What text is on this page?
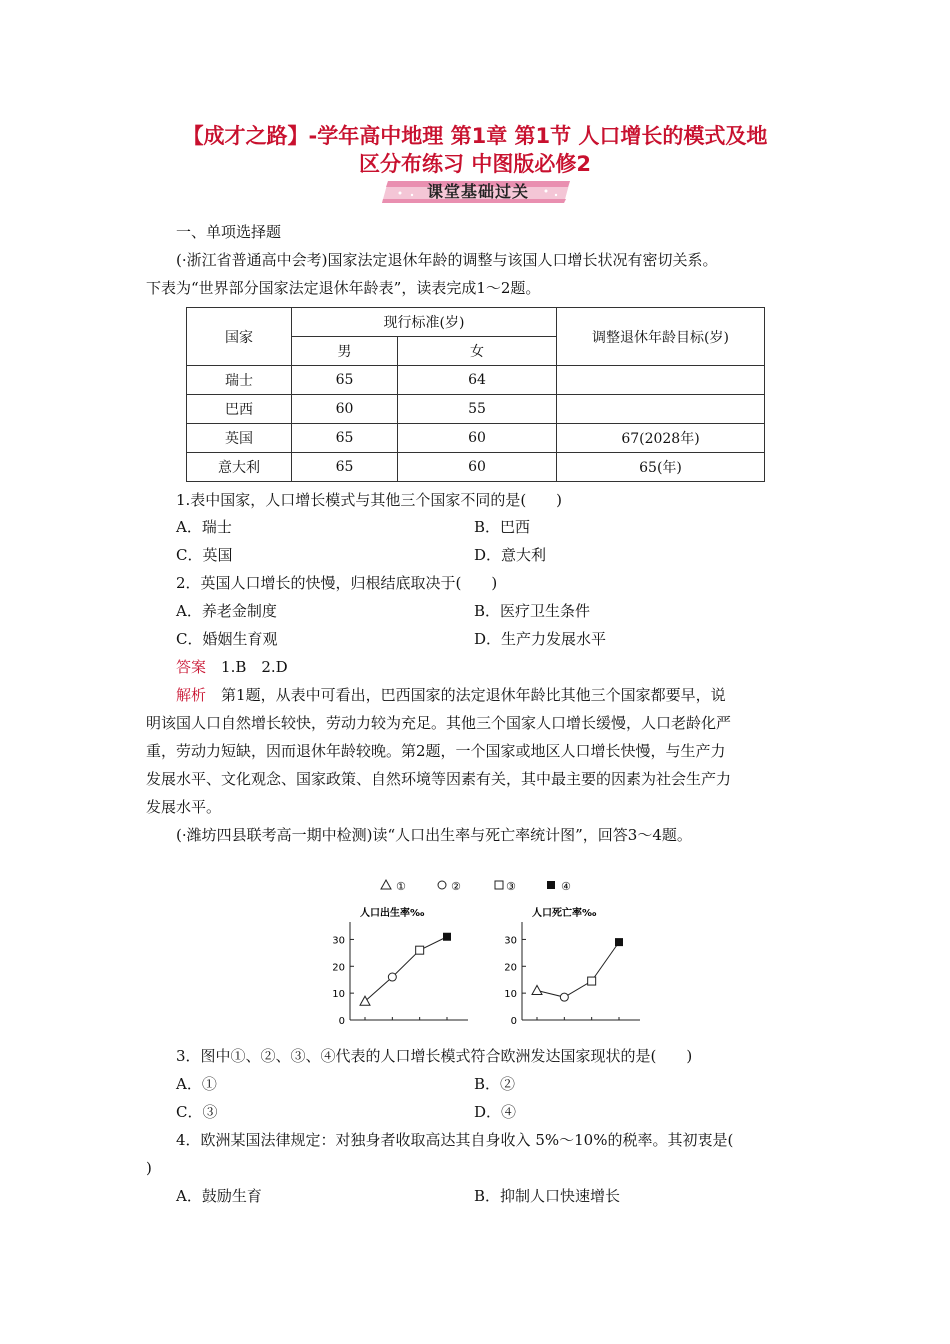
【成才之路】-学年高中地理 第1章 第1节 人口增长的模式及地
区分布练习 中图版必修2
课堂基础过关
一、单项选择题
(·浙江省普通高中会考)国家法定退休年龄的调整与该国人口增长状况有密切关系。
下表为“世界部分国家法定退休年龄表”，读表完成1～2题。
国家	现行标准(岁)		调整退休年龄目标(岁)
	男	女	
瑞士	65	64	
巴西	60	55	
英国	65	60	67(2028年)
意大利	65	60	65(年)
1.表中国家，人口增长模式与其他三个国家不同的是(　　)
A．瑞士	B．巴西
C．英国	D．意大利
2．英国人口增长的快慢，归根结底取决于(　　)
A．养老金制度	B．医疗卫生条件
C．婚姻生育观	D．生产力发展水平
答案　 1.B　2.D
解析　 第1题，从表中可看出，巴西国家的法定退休年龄比其他三个国家都要早，说
明该国人口自然增长较快，劳动力较为充足。其他三个国家人口增长缓慢，人口老龄化严
重，劳动力短缺，因而退休年龄较晚。第2题，一个国家或地区人口增长快慢，与生产力
发展水平、文化观念、国家政策、自然环境等因素有关，其中最主要的因素为社会生产力
发展水平。
(·潍坊四县联考高一期中检测)读“人口出生率与死亡率统计图”，回答3～4题。
①	②	③	④
人口出生率‰
0
10
20
30
人口死亡率‰
0
10
20
30
3．图中①、②、③、④代表的人口增长模式符合欧洲发达国家现状的是(　　)
A．①	B．②
C．③	D．④
4．欧洲某国法律规定：对独身者收取高达其自身收入 5%～10%的税率。其初衷是(
)
A．鼓励生育	B．抑制人口快速增长
